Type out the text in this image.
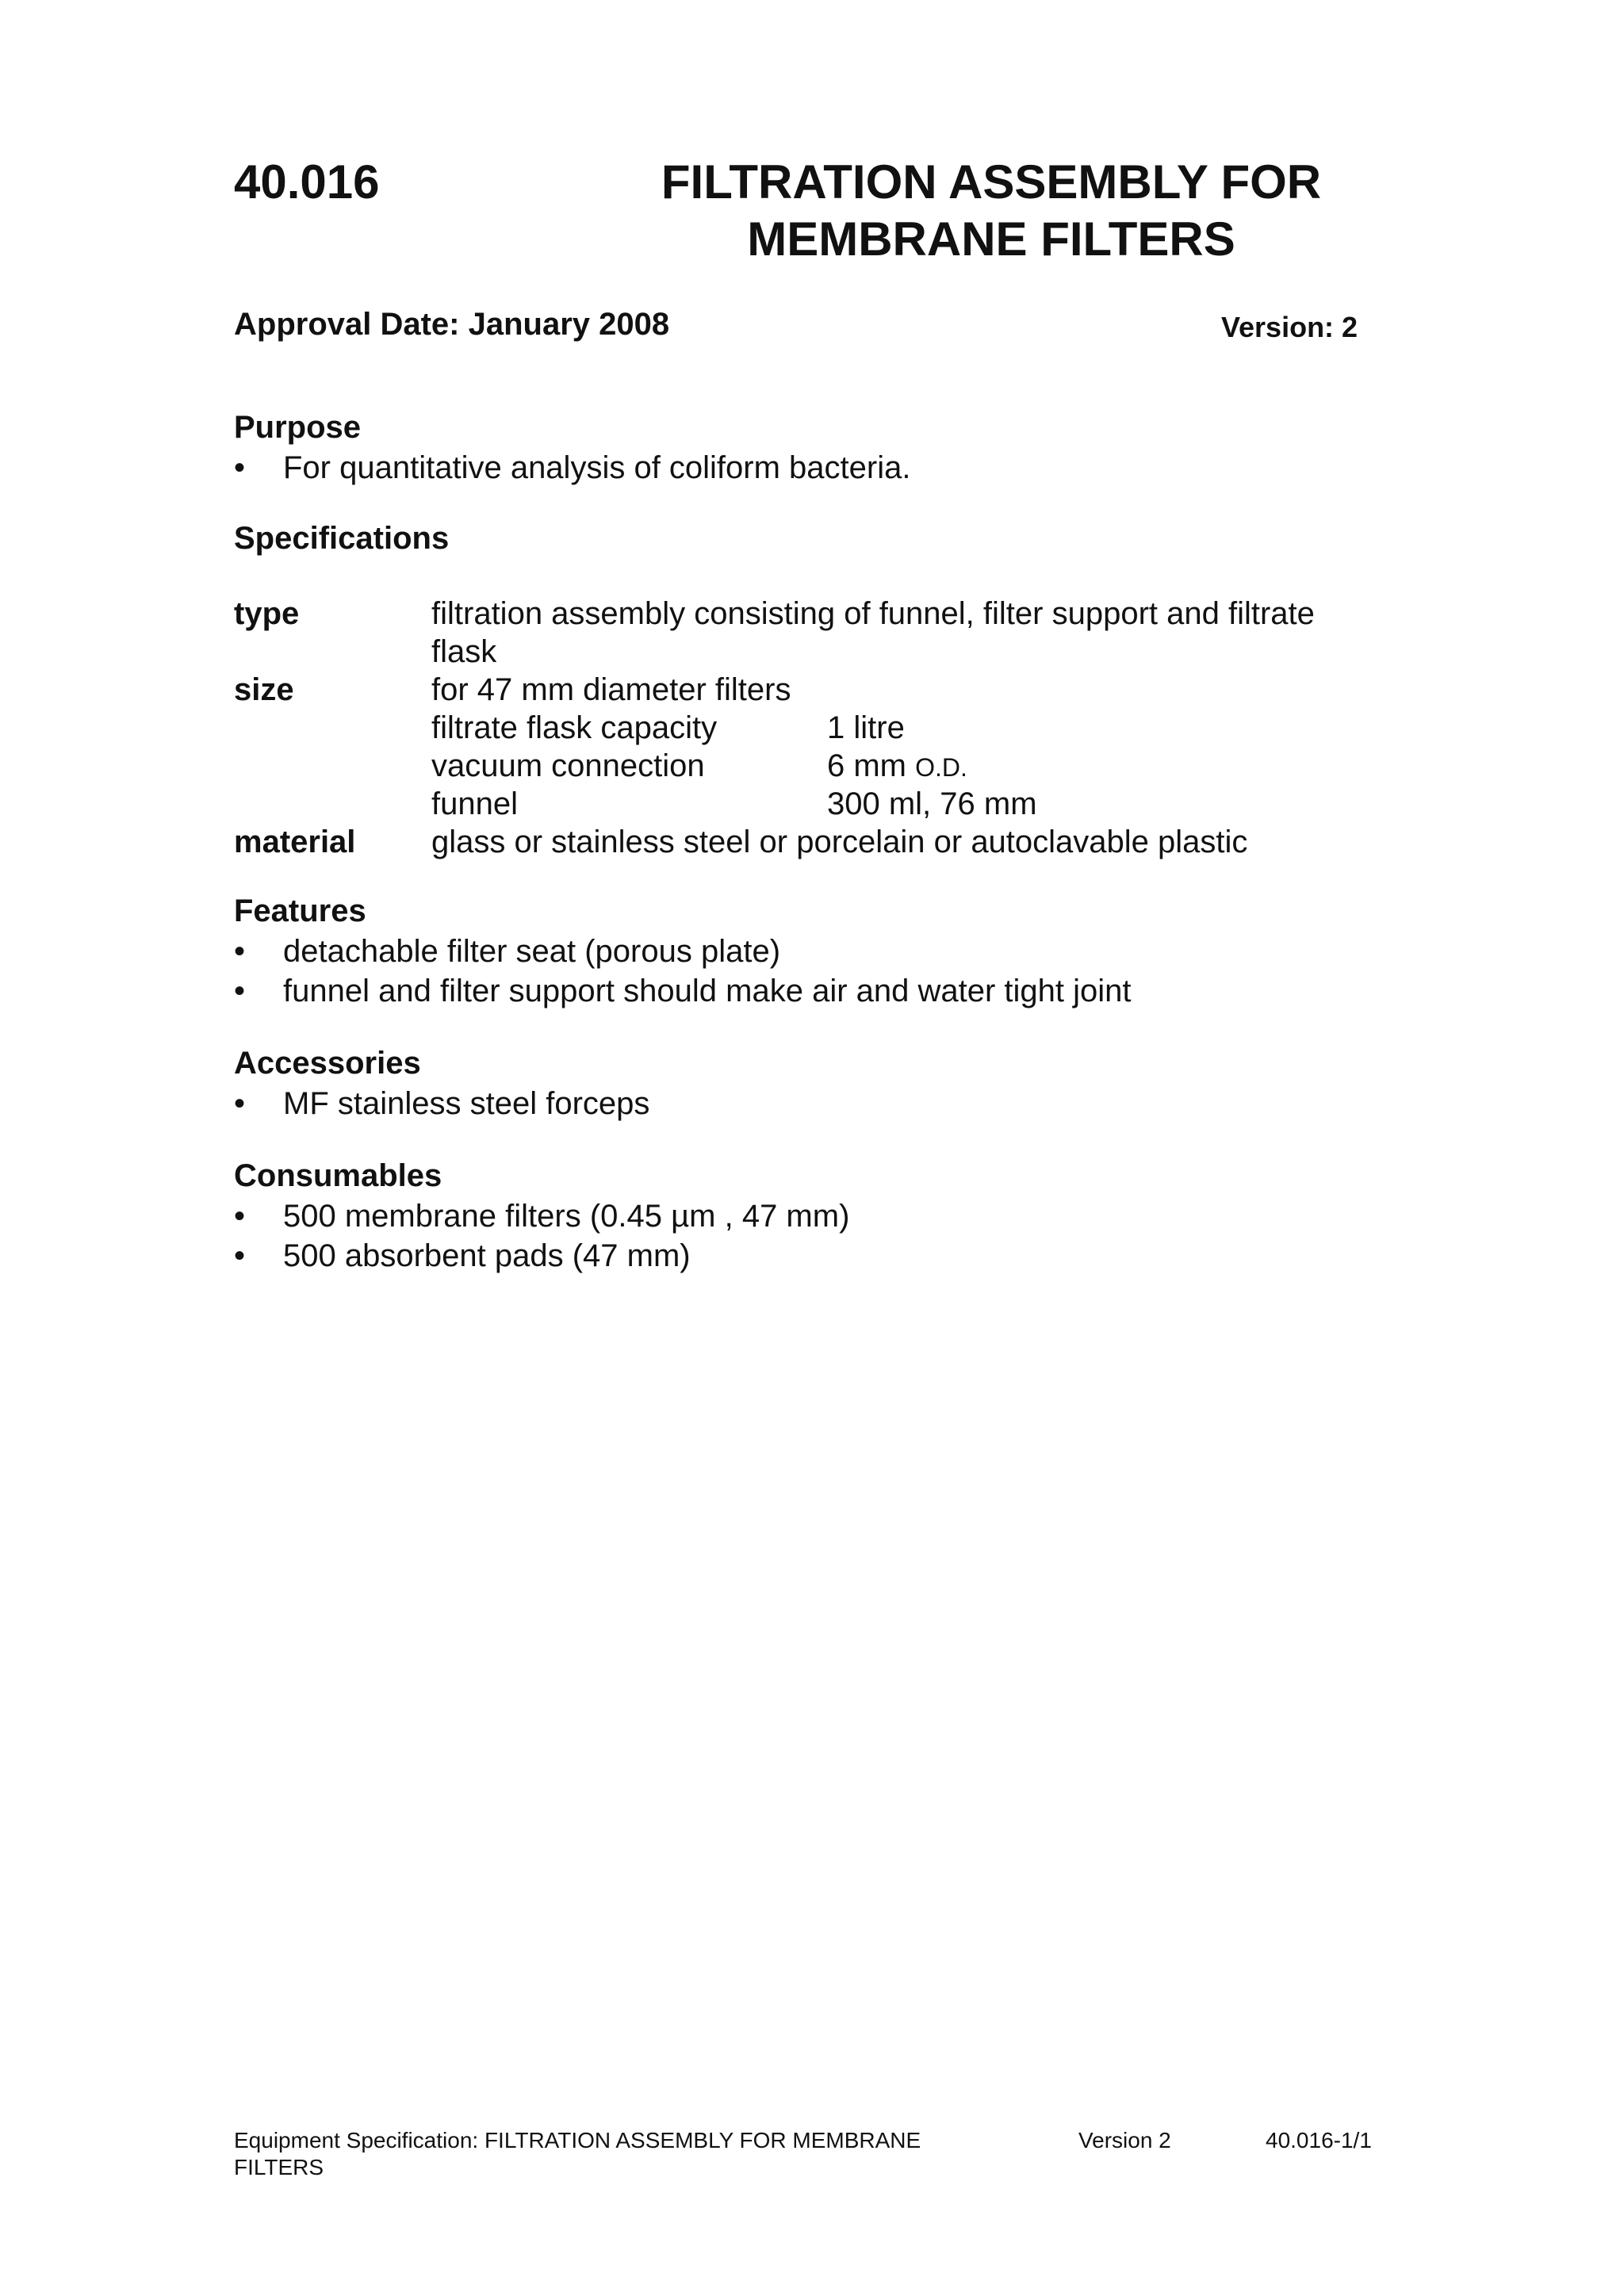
40.016	FILTRATION ASSEMBLY FOR
MEMBRANE FILTERS
Approval Date: January 2008	Version: 2
Purpose
• For quantitative analysis of coliform bacteria.
Specifications
type	filtration assembly consisting of funnel, filter support and filtrate
flask
size	for 47 mm diameter filters
filtrate flask capacity	1 litre
vacuum connection	6 mm O.D.
funnel	300 ml, 76 mm
material glass or stainless steel or porcelain or autoclavable plastic
Features
• detachable filter seat (porous plate)
• funnel and filter support should make air and water tight joint
Accessories
• MF stainless steel forceps
Consumables
• 500 membrane filters (0.45 µm , 47 mm)
• 500 absorbent pads (47 mm)
Equipment Specification: FILTRATION ASSEMBLY FOR MEMBRANE
FILTERS
Version 2	40.016-1/1
